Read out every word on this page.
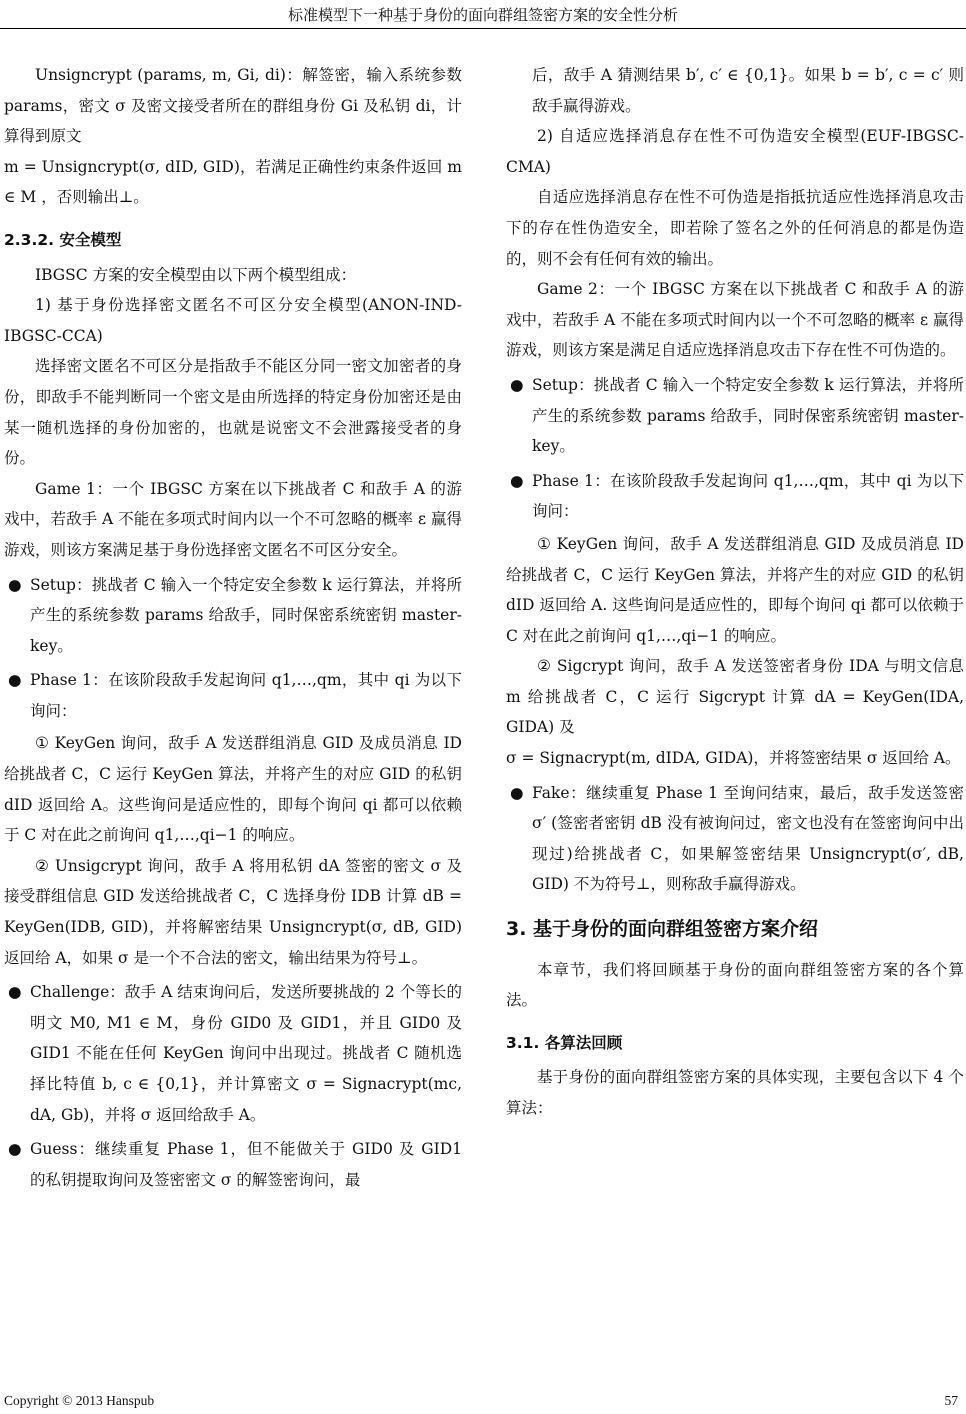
标准模型下一种基于身份的面向群组签密方案的安全性分析

Unsigncrypt (params, m, Gi, di)：解签密，输入系统参数 params，密文 σ 及密文接受者所在的群组身份 Gi 及私钥 di，计算得到原文

m = Unsigncrypt(σ, dID, GID)，若满足正确性约束条件返回 m ∈ M ，否则输出⊥。

2.3.2. 安全模型

IBGSC 方案的安全模型由以下两个模型组成：

1) 基于身份选择密文匿名不可区分安全模型(ANON-IND-IBGSC-CCA)

选择密文匿名不可区分是指敌手不能区分同一密文加密者的身份，即敌手不能判断同一个密文是由所选择的特定身份加密还是由某一随机选择的身份加密的，也就是说密文不会泄露接受者的身份。

Game 1：一个 IBGSC 方案在以下挑战者 C 和敌手 A 的游戏中，若敌手 A 不能在多项式时间内以一个不可忽略的概率 ε 赢得游戏，则该方案满足基于身份选择密文匿名不可区分安全。

● Setup：挑战者 C 输入一个特定安全参数 k 运行算法，并将所产生的系统参数 params 给敌手，同时保密系统密钥 master-key。
● Phase 1：在该阶段敌手发起询问 q1,…,qm，其中 qi 为以下询问：

① KeyGen 询问，敌手 A 发送群组消息 GID 及成员消息 ID 给挑战者 C，C 运行 KeyGen 算法，并将产生的对应 GID 的私钥 dID 返回给 A。这些询问是适应性的，即每个询问 qi 都可以依赖于 C 对在此之前询问 q1,…,qi−1 的响应。

② Unsigcrypt 询问，敌手 A 将用私钥 dA 签密的密文 σ 及接受群组信息 GID 发送给挑战者 C，C 选择身份 IDB 计算 dB = KeyGen(IDB, GID)，并将解密结果 Unsigncrypt(σ, dB, GID) 返回给 A，如果 σ 是一个不合法的密文，输出结果为符号⊥。

● Challenge：敌手 A 结束询问后，发送所要挑战的 2 个等长的明文 M0, M1 ∈ M，身份 GID0 及 GID1，并且 GID0 及 GID1 不能在任何 KeyGen 询问中出现过。挑战者 C 随机选择比特值 b, c ∈ {0,1}，并计算密文 σ = Signacrypt(mc, dA, Gb)，并将 σ 返回给敌手 A。
● Guess：继续重复 Phase 1，但不能做关于 GID0 及 GID1 的私钥提取询问及签密密文 σ 的解签密询问，最

后，敌手 A 猜测结果 b′, c′ ∈ {0,1}。如果 b = b′, c = c′ 则敌手赢得游戏。

2) 自适应选择消息存在性不可伪造安全模型(EUF-IBGSC-CMA)

自适应选择消息存在性不可伪造是指抵抗适应性选择消息攻击下的存在性伪造安全，即若除了签名之外的任何消息的都是伪造的，则不会有任何有效的输出。

Game 2：一个 IBGSC 方案在以下挑战者 C 和敌手 A 的游戏中，若敌手 A 不能在多项式时间内以一个不可忽略的概率 ε 赢得游戏，则该方案是满足自适应选择消息攻击下存在性不可伪造的。

● Setup：挑战者 C 输入一个特定安全参数 k 运行算法，并将所产生的系统参数 params 给敌手，同时保密系统密钥 master-key。
● Phase 1：在该阶段敌手发起询问 q1,…,qm，其中 qi 为以下询问：

① KeyGen 询问，敌手 A 发送群组消息 GID 及成员消息 ID 给挑战者 C，C 运行 KeyGen 算法，并将产生的对应 GID 的私钥 dID 返回给 A. 这些询问是适应性的，即每个询问 qi 都可以依赖于 C 对在此之前询问 q1,…,qi−1 的响应。

② Sigcrypt 询问，敌手 A 发送签密者身份 IDA 与明文信息 m 给挑战者 C，C 运行 Sigcrypt 计算 dA = KeyGen(IDA, GIDA) 及

σ = Signacrypt(m, dIDA, GIDA)，并将签密结果 σ 返回给 A。

● Fake：继续重复 Phase 1 至询问结束，最后，敌手发送签密 σ′ (签密者密钥 dB 没有被询问过，密文也没有在签密询问中出现过)给挑战者 C，如果解签密结果 Unsigncrypt(σ′, dB, GID) 不为符号⊥，则称敌手赢得游戏。
3. 基于身份的面向群组签密方案介绍

本章节，我们将回顾基于身份的面向群组签密方案的各个算法。

3.1. 各算法回顾

基于身份的面向群组签密方案的具体实现，主要包含以下 4 个算法：

Copyright © 2013 Hanspub	57
